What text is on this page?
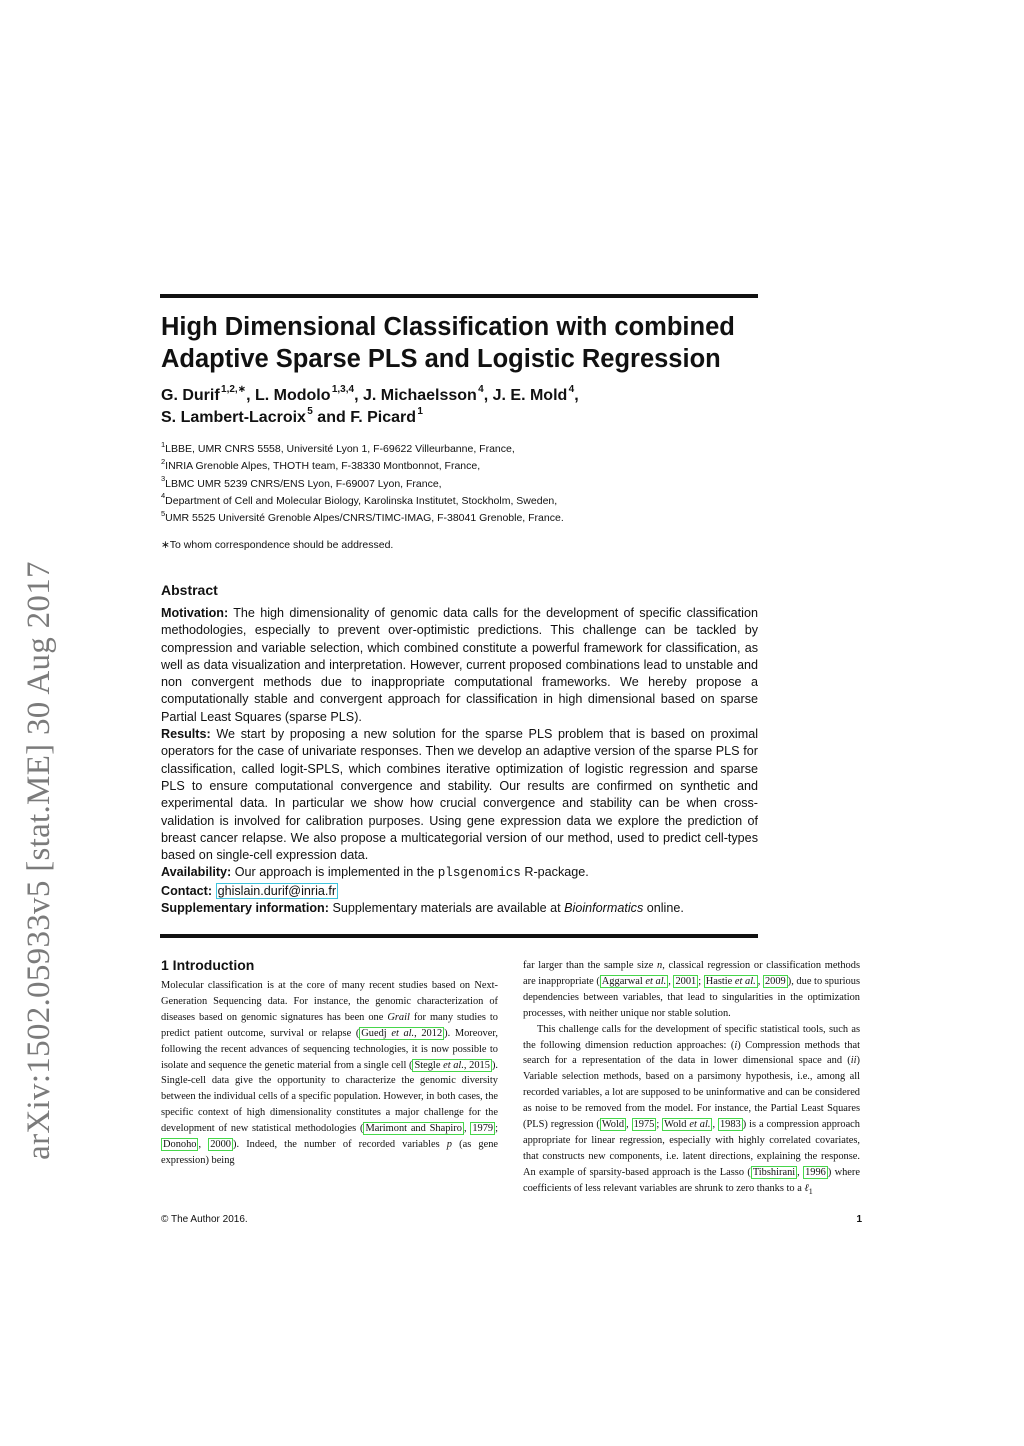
arXiv:1502.05933v5 [stat.ME] 30 Aug 2017
High Dimensional Classification with combined
Adaptive Sparse PLS and Logistic Regression
G. Durif $^{1,2,∗}$, L. Modolo $^{1,3,4}$, J. Michaelsson $^4$, J. E. Mold $^4$,
S. Lambert-Lacroix $^5$ and F. Picard $^1$
$^1$LBBE, UMR CNRS 5558, Université Lyon 1, F-69622 Villeurbanne, France,
$^2$INRIA Grenoble Alpes, THOTH team, F-38330 Montbonnot, France,
$^3$LBMC UMR 5239 CNRS/ENS Lyon, F-69007 Lyon, France,
$^4$Department of Cell and Molecular Biology, Karolinska Institutet, Stockholm, Sweden,
$^5$UMR 5525 Université Grenoble Alpes/CNRS/TIMC-IMAG, F-38041 Grenoble, France.
∗To whom correspondence should be addressed.
Abstract

Motivation: The high dimensionality of genomic data calls for the development of specific classification methodologies, especially to prevent over-optimistic predictions. This challenge can be tackled by compression and variable selection, which combined constitute a powerful framework for classification, as well as data visualization and interpretation. However, current proposed combinations lead to unstable and non convergent methods due to inappropriate computational frameworks. We hereby propose a computationally stable and convergent approach for classification in high dimensional based on sparse Partial Least Squares (sparse PLS).

Results: We start by proposing a new solution for the sparse PLS problem that is based on proximal operators for the case of univariate responses. Then we develop an adaptive version of the sparse PLS for classification, called logit-SPLS, which combines iterative optimization of logistic regression and sparse PLS to ensure computational convergence and stability. Our results are confirmed on synthetic and experimental data. In particular we show how crucial convergence and stability can be when cross-validation is involved for calibration purposes. Using gene expression data we explore the prediction of breast cancer relapse. We also propose a multicategorial version of our method, used to predict cell-types based on single-cell expression data.

Availability: Our approach is implemented in the plsgenomics R-package.

Contact: ghislain.durif@inria.fr

Supplementary information: Supplementary materials are available at Bioinformatics online.

1 Introduction

Molecular classification is at the core of many recent studies based on Next-Generation Sequencing data. For instance, the genomic characterization of diseases based on genomic signatures has been one Grail for many studies to predict patient outcome, survival or relapse ( Guedj et al., 2012 ). Moreover, following the recent advances of sequencing technologies, it is now possible to isolate and sequence the genetic material from a single cell ( Stegle et al., 2015 ). Single-cell data give the opportunity to characterize the genomic diversity between the individual cells of a specific population. However, in both cases, the specific context of high dimensionality constitutes a major challenge for the development of new statistical methodologies ( Marimont and Shapiro , 1979 ; Donoho , 2000 ). Indeed, the number of recorded variables p (as gene expression) being

far larger than the sample size n, classical regression or classification methods are inappropriate ( Aggarwal et al. , 2001 ; Hastie et al. , 2009 ), due to spurious dependencies between variables, that lead to singularities in the optimization processes, with neither unique nor stable solution.

This challenge calls for the development of specific statistical tools, such as the following dimension reduction approaches: (i) Compression methods that search for a representation of the data in lower dimensional space and (ii) Variable selection methods, based on a parsimony hypothesis, i.e., among all recorded variables, a lot are supposed to be uninformative and can be considered as noise to be removed from the model. For instance, the Partial Least Squares (PLS) regression ( Wold , 1975 ; Wold et al. , 1983 ) is a compression approach appropriate for linear regression, especially with highly correlated covariates, that constructs new components, i.e. latent directions, explaining the response. An example of sparsity-based approach is the Lasso ( Tibshirani , 1996 ) where coefficients of less relevant variables are shrunk to zero thanks to a ℓ$_1$

© The Author 2016.	1
